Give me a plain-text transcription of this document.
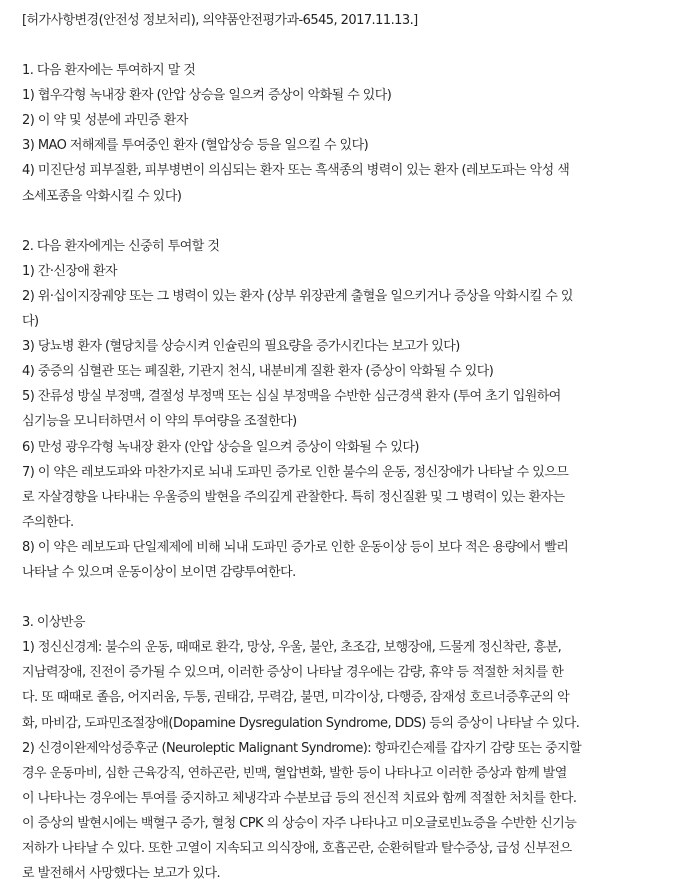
[허가사항변경(안전성 정보처리), 의약품안전평가과-6545, 2017.11.13.]
1. 다음 환자에는 투여하지 말 것
1) 협우각형 녹내장 환자 (안압 상승을 일으켜 증상이 악화될 수 있다)
2) 이 약 및 성분에 과민증 환자
3) MAO 저해제를 투여중인 환자 (혈압상승 등을 일으킬 수 있다)
4) 미진단성 피부질환, 피부병변이 의심되는 환자 또는 흑색종의 병력이 있는 환자 (레보도파는 악성 색
소세포종을 악화시킬 수 있다)
2. 다음 환자에게는 신중히 투여할 것
1) 간·신장애 환자
2) 위·십이지장궤양 또는 그 병력이 있는 환자 (상부 위장관계 출혈을 일으키거나 증상을 악화시킬 수 있
다)
3) 당뇨병 환자 (혈당치를 상승시켜 인슐린의 필요량을 증가시킨다는 보고가 있다)
4) 중증의 심혈관 또는 폐질환, 기관지 천식, 내분비계 질환 환자 (증상이 악화될 수 있다)
5) 잔류성 방실 부정맥, 결절성 부정맥 또는 심실 부정맥을 수반한 심근경색 환자 (투여 초기 입원하여
심기능을 모니터하면서 이 약의 투여량을 조절한다)
6) 만성 광우각형 녹내장 환자 (안압 상승을 일으켜 증상이 악화될 수 있다)
7) 이 약은 레보도파와 마찬가지로 뇌내 도파민 증가로 인한 불수의 운동, 정신장애가 나타날 수 있으므
로 자살경향을 나타내는 우울증의 발현을 주의깊게 관찰한다. 특히 정신질환 및 그 병력이 있는 환자는
주의한다.
8) 이 약은 레보도파 단일제제에 비해 뇌내 도파민 증가로 인한 운동이상 등이 보다 적은 용량에서 빨리
나타날 수 있으며 운동이상이 보이면 감량투여한다.
3. 이상반응
1) 정신신경계: 불수의 운동, 때때로 환각, 망상, 우울, 불안, 초조감, 보행장애, 드물게 정신착란, 흥분,
지남력장애, 진전이 증가될 수 있으며, 이러한 증상이 나타날 경우에는 감량, 휴약 등 적절한 처치를 한
다. 또 때때로 졸음, 어지러움, 두통, 권태감, 무력감, 불면, 미각이상, 다행증, 잠재성 호르너증후군의 악
화, 마비감, 도파민조절장애(Dopamine Dysregulation Syndrome, DDS) 등의 증상이 나타날 수 있다.
2) 신경이완제악성증후군 (Neuroleptic Malignant Syndrome): 항파킨슨제를 갑자기 감량 또는 중지할
경우 운동마비, 심한 근육강직, 연하곤란, 빈맥, 혈압변화, 발한 등이 나타나고 이러한 증상과 함께 발열
이 나타나는 경우에는 투여를 중지하고 체냉각과 수분보급 등의 전신적 치료와 함께 적절한 처치를 한다.
이 증상의 발현시에는 백혈구 증가, 혈청 CPK 의 상승이 자주 나타나고 미오글로빈뇨증을 수반한 신기능
저하가 나타날 수 있다. 또한 고열이 지속되고 의식장애, 호흡곤란, 순환허탈과 탈수증상, 급성 신부전으
로 발전해서 사망했다는 보고가 있다.
